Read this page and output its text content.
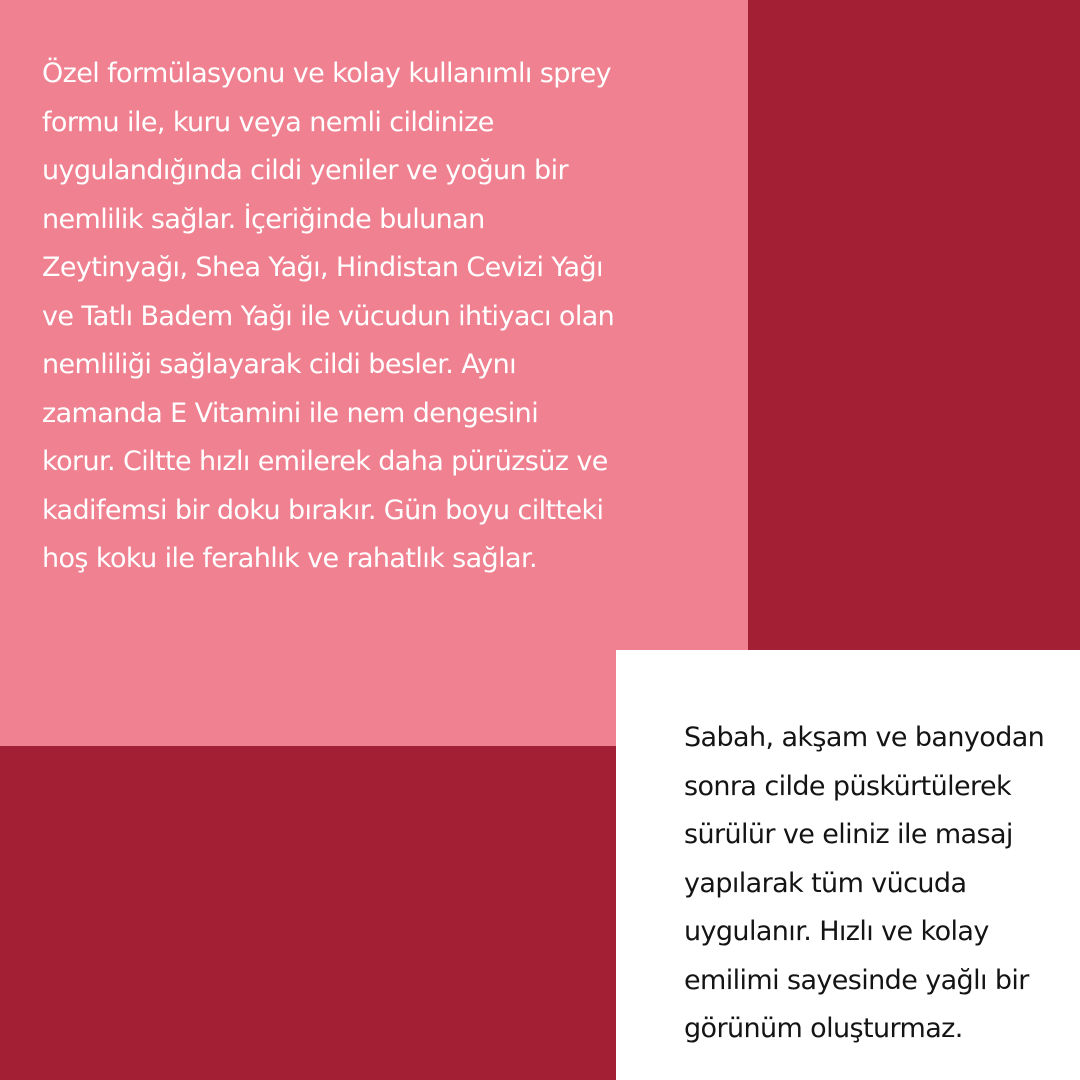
Özel formülasyonu ve kolay kullanımlı sprey
formu ile, kuru veya nemli cildinize
uygulandığında cildi yeniler ve yoğun bir
nemlilik sağlar. İçeriğinde bulunan
Zeytinyağı, Shea Yağı, Hindistan Cevizi Yağı
ve Tatlı Badem Yağı ile vücudun ihtiyacı olan
nemliliği sağlayarak cildi besler. Aynı
zamanda E Vitamini ile nem dengesini
korur. Ciltte hızlı emilerek daha pürüzsüz ve
kadifemsi bir doku bırakır. Gün boyu ciltteki
hoş koku ile ferahlık ve rahatlık sağlar.

Sabah, akşam ve banyodan
sonra cilde püskürtülerek
sürülür ve eliniz ile masaj
yapılarak tüm vücuda
uygulanır. Hızlı ve kolay
emilimi sayesinde yağlı bir
görünüm oluşturmaz.
